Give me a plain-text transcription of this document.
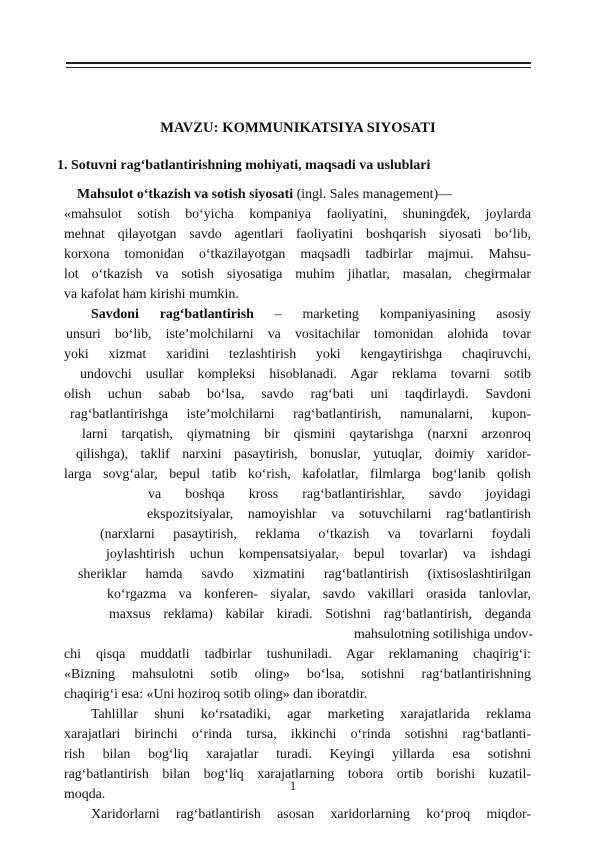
MAVZU: KOMMUNIKATSIYA SIYOSATI
1. Sotuvni rag‘batlantirishning mohiyati, maqsadi va uslublari
Mahsulot o‘tkazish va sotish siyosati (ingl. Sales management)—
«mahsulot sotish bo‘yicha kompaniya faoliyatini, shuningdek, joylarda
mehnat qilayotgan savdo agentlari faoliyatini boshqarish siyosati bo‘lib,
korxona tomonidan o‘tkazilayotgan maqsadli tadbirlar majmui. Mahsu-
lot o‘tkazish va sotish siyosatiga muhim jihatlar, masalan, chegirmalar
va kafolat ham kirishi mumkin.
Savdoni rag‘batlantirish – marketing kompaniyasining asosiy
unsuri bo‘lib, iste’molchilarni va vositachilar tomonidan alohida tovar
yoki xizmat xaridini tezlashtirish yoki kengaytirishga chaqiruvchi,
undovchi usullar kompleksi hisoblanadi. Agar reklama tovarni sotib
olish uchun sabab bo‘lsa, savdo rag‘bati uni taqdirlaydi. Savdoni
rag‘batlantirishga iste’molchilarni rag‘batlantirish, namunalarni, kupon-
larni tarqatish, qiymatning bir qismini qaytarishga (narxni arzonroq
qilishga), taklif narxini pasaytirish, bonuslar, yutuqlar, doimiy xaridor-
larga sovg‘alar, bepul tatib ko‘rish, kafolatlar, filmlarga bog‘lanib qolish
va boshqa kross rag‘batlantirishlar, savdo joyidagi
ekspozitsiyalar, namoyishlar va sotuvchilarni rag‘batlantirish
(narxlarni pasaytirish, reklama o‘tkazish va tovarlarni foydali
joylashtirish uchun kompensatsiyalar, bepul tovarlar) va ishdagi
sheriklar hamda savdo xizmatini rag‘batlantirish (ixtisoslashtirilgan
ko‘rgazma va konferen- siyalar, savdo vakillari orasida tanlovlar,
maxsus reklama) kabilar kiradi. Sotishni rag‘batlantirish, deganda
mahsulotning sotilishiga undov-
chi qisqa muddatli tadbirlar tushuniladi. Agar reklamaning chaqirig‘i:
«Bizning mahsulotni sotib oling» bo‘lsa, sotishni rag‘batlantirishning
chaqirig‘i esa: «Uni hoziroq sotib oling» dan iboratdir.
Tahlillar shuni ko‘rsatadiki, agar marketing xarajatlarida reklama
xarajatlari birinchi o‘rinda tursa, ikkinchi o‘rinda sotishni rag‘batlanti-
rish bilan bog‘liq xarajatlar turadi. Keyingi yillarda esa sotishni
rag‘batlantirish bilan bog‘liq xarajatlarning tobora ortib borishi kuzatil-
moqda.
Xaridorlarni rag‘batlantirish asosan xaridorlarning ko‘proq miqdor-
1
